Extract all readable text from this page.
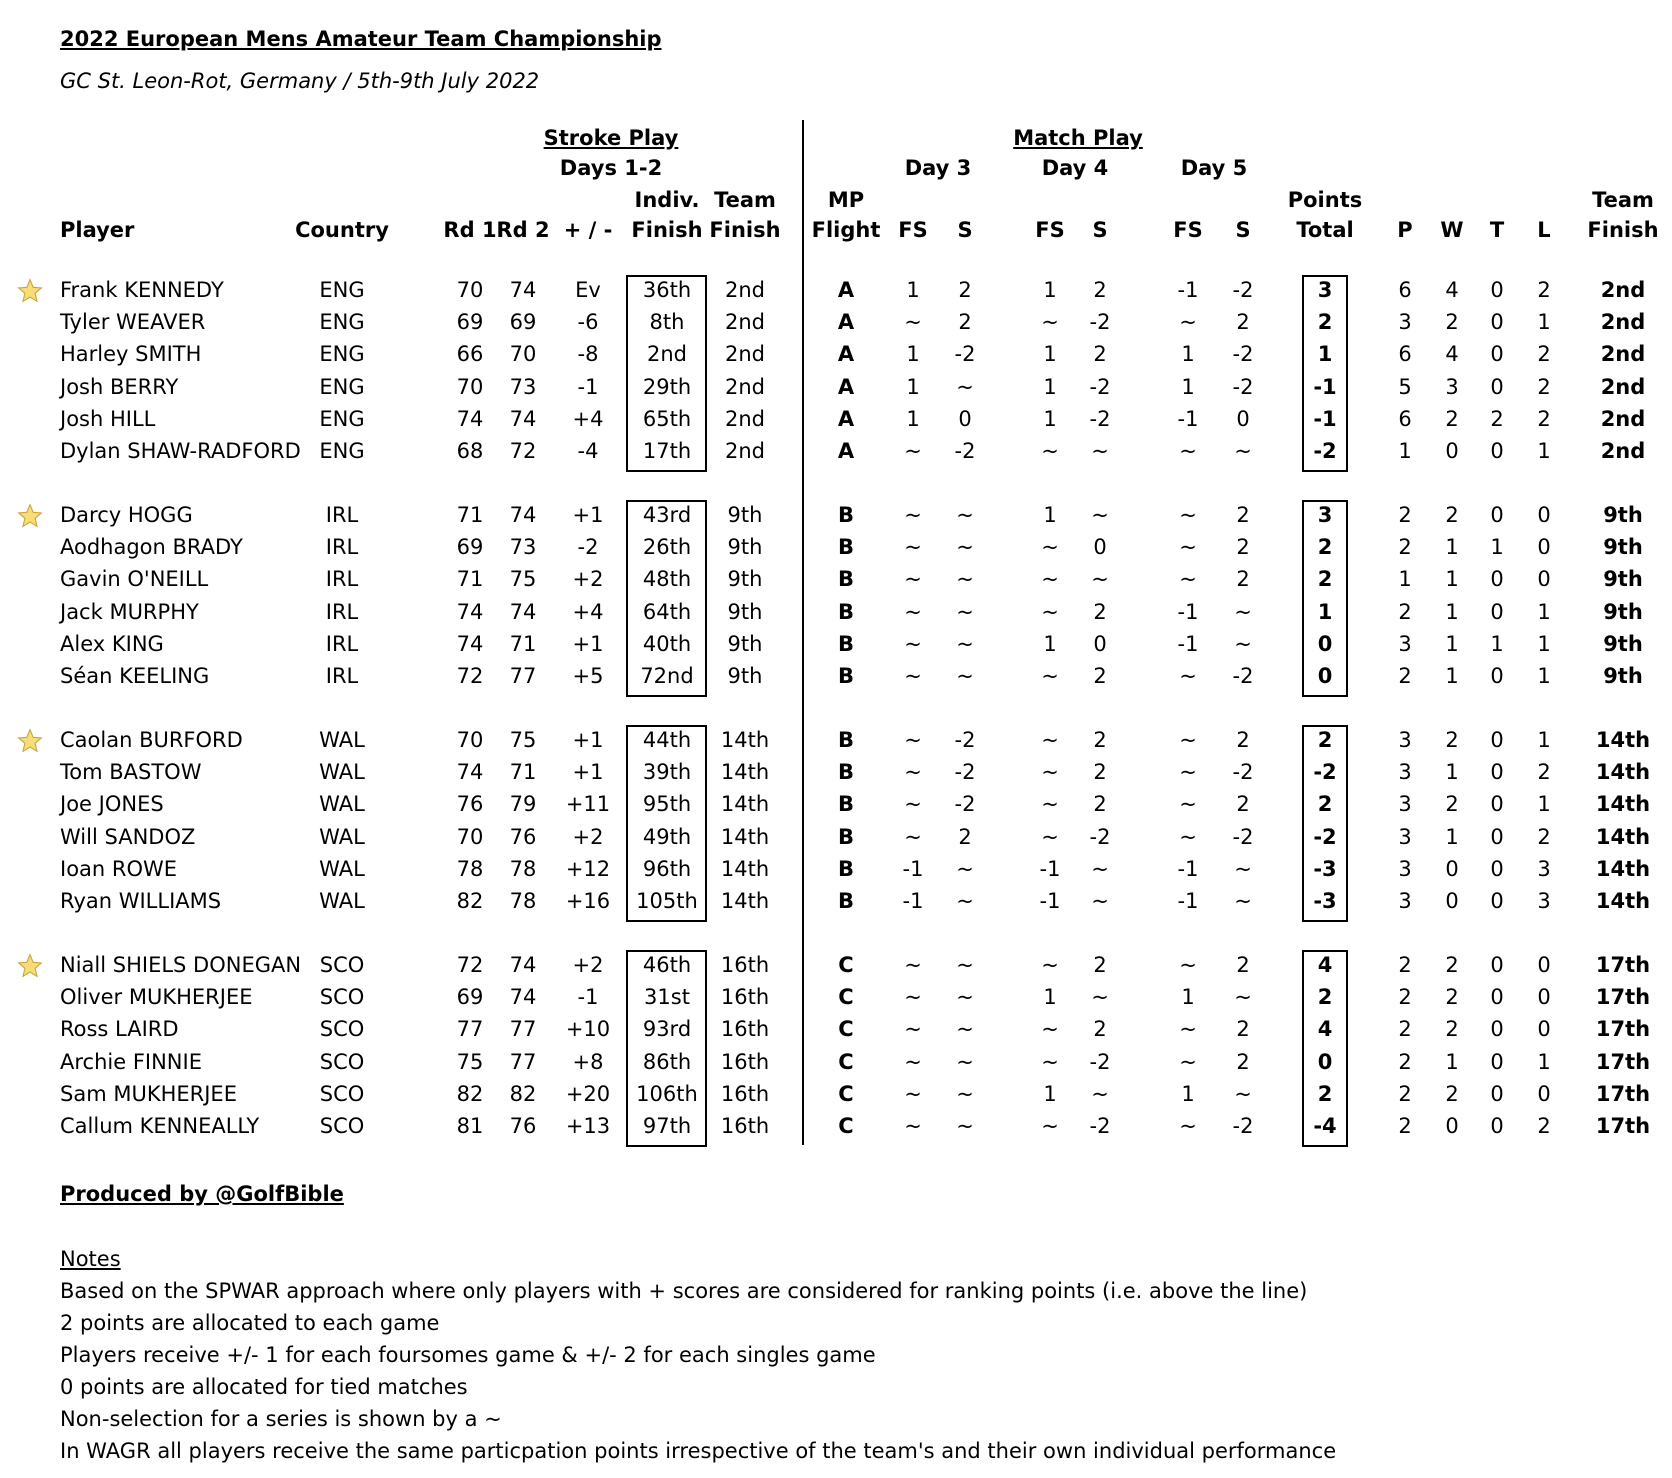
2022 European Mens Amateur Team Championship
GC St. Leon-Rot, Germany / 5th-9th July 2022
Stroke Play
Days 1-2
Match Play
Day 3	Day 4	Day 5
Player	Country	Rd 1 Rd 2 + / -
Indiv.
Finish
Team
Finish
MP
Flight FS S	FS S	FS S
Points
Total P W T L
Team
Finish
Frank KENNEDY	ENG	70 74 Ev 36th 2nd	A 1 2	1 2	-1 -2	3	6 4 0 2 2nd
Tyler WEAVER	ENG	69 69 -6 8th 2nd	A ~ 2	~ -2	~ 2	2	3 2 0 1 2nd
Harley SMITH	ENG	66 70 -8 2nd 2nd	A 1 -2	1 2	1 -2	1	6 4 0 2 2nd
Josh BERRY	ENG	70 73 -1 29th 2nd	A 1 ~	1 -2	1 -2	-1	5 3 0 2 2nd
Josh HILL	ENG	74 74 +4 65th 2nd	A 1 0	1 -2	-1 0	-1	6 2 2 2 2nd
Dylan SHAW-RADFORD ENG	68 72 -4 17th 2nd	A ~ -2	~ ~	~ ~	-2	1 0 0 1 2nd
Darcy HOGG	IRL	71 74 +1 43rd 9th	B ~ ~	1 ~	~ 2	3	2 2 0 0	9th
Aodhagon BRADY	IRL	69 73 -2 26th 9th	B ~ ~	~ 0	~ 2	2	2 1 1 0	9th
Gavin O'NEILL	IRL	71 75 +2 48th 9th	B ~ ~	~ ~	~ 2	2	1 1 0 0	9th
Jack MURPHY	IRL	74 74 +4 64th 9th	B ~ ~	~ 2	-1 ~	1	2 1 0 1	9th
Alex KING	IRL	74 71 +1 40th 9th	B ~ ~	1 0	-1 ~	0	3 1 1 1	9th
Séan KEELING	IRL	72 77 +5 72nd 9th	B ~ ~	~ 2	~ -2	0	2 1 0 1	9th
Caolan BURFORD	WAL	70 75 +1 44th 14th	B ~ -2	~ 2	~ 2	2	3 2 0 1 14th
Tom BASTOW	WAL	74 71 +1 39th 14th	B ~ -2	~ 2	~ -2	-2	3 1 0 2 14th
Joe JONES	WAL	76 79 +11 95th 14th	B ~ -2	~ 2	~ 2	2	3 2 0 1 14th
Will SANDOZ	WAL	70 76 +2 49th 14th	B ~ 2	~ -2	~ -2	-2	3 1 0 2 14th
Ioan ROWE	WAL	78 78 +12 96th 14th	B -1 ~	-1 ~	-1 ~	-3	3 0 0 3 14th
Ryan WILLIAMS	WAL	82 78 +16 105th 14th	B -1 ~	-1 ~	-1 ~	-3	3 0 0 3 14th
Niall SHIELS DONEGAN SCO	72 74 +2 46th 16th	C ~ ~	~ 2	~ 2	4	2 2 0 0 17th
Oliver MUKHERJEE	SCO	69 74 -1 31st 16th	C ~ ~	1 ~	1 ~	2	2 2 0 0 17th
Ross LAIRD	SCO	77 77 +10 93rd 16th	C ~ ~	~ 2	~ 2	4	2 2 0 0 17th
Archie FINNIE	SCO	75 77 +8 86th 16th	C ~ ~	~ -2	~ 2	0	2 1 0 1 17th
Sam MUKHERJEE	SCO	82 82 +20 106th 16th	C ~ ~	1 ~	1 ~	2	2 2 0 0 17th
Callum KENNEALLY	SCO	81 76 +13 97th 16th	C ~ ~	~ -2	~ -2	-4	2 0 0 2 17th
Produced by @GolfBible
Notes
Based on the SPWAR approach where only players with + scores are considered for ranking points (i.e. above the line)
2 points are allocated to each game
Players receive +/- 1 for each foursomes game & +/- 2 for each singles game
0 points are allocated for tied matches
Non-selection for a series is shown by a ~
In WAGR all players receive the same particpation points irrespective of the team's and their own individual performance
